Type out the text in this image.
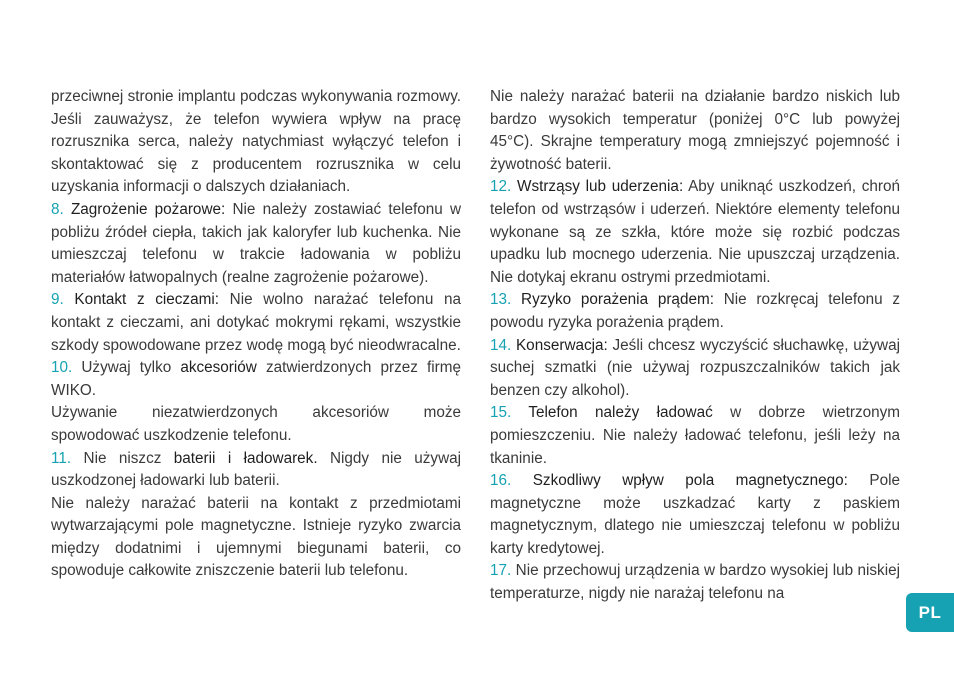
przeciwnej stronie implantu podczas wykonywania rozmowy. Jeśli zauważysz, że telefon wywiera wpływ na pracę rozrusznika serca, należy natychmiast wyłączyć telefon i skontaktować się z producentem rozrusznika w celu uzyskania informacji o dalszych działaniach.

8. Zagrożenie pożarowe: Nie należy zostawiać telefonu w pobliżu źródeł ciepła, takich jak kaloryfer lub kuchenka. Nie umieszczaj telefonu w trakcie ładowania w pobliżu materiałów łatwopalnych (realne zagrożenie pożarowe).

9. Kontakt z cieczami: Nie wolno narażać telefonu na kontakt z cieczami, ani dotykać mokrymi rękami, wszystkie szkody spowodowane przez wodę mogą być nieodwracalne.

10. Używaj tylko akcesoriów zatwierdzonych przez firmę WIKO.

Używanie niezatwierdzonych akcesoriów może spowodować uszkodzenie telefonu.

11. Nie niszcz baterii i ładowarek. Nigdy nie używaj uszkodzonej ładowarki lub baterii.

Nie należy narażać baterii na kontakt z przedmiotami wytwarzającymi pole magnetyczne. Istnieje ryzyko zwarcia między dodatnimi i ujemnymi biegunami baterii, co spowoduje całkowite zniszczenie baterii lub telefonu.

Nie należy narażać baterii na działanie bardzo niskich lub bardzo wysokich temperatur (poniżej 0°C lub powyżej 45°C). Skrajne temperatury mogą zmniejszyć pojemność i żywotność baterii.

12. Wstrząsy lub uderzenia: Aby uniknąć uszkodzeń, chroń telefon od wstrząsów i uderzeń. Niektóre elementy telefonu wykonane są ze szkła, które może się rozbić podczas upadku lub mocnego uderzenia. Nie upuszczaj urządzenia. Nie dotykaj ekranu ostrymi przedmiotami.

13. Ryzyko porażenia prądem: Nie rozkręcaj telefonu z powodu ryzyka porażenia prądem.

14. Konserwacja: Jeśli chcesz wyczyścić słuchawkę, używaj suchej szmatki (nie używaj rozpuszczalników takich jak benzen czy alkohol).

15. Telefon należy ładować w dobrze wietrzonym pomieszczeniu. Nie należy ładować telefonu, jeśli leży na tkaninie.

16. Szkodliwy wpływ pola magnetycznego: Pole magnetyczne może uszkadzać karty z paskiem magnetycznym, dlatego nie umieszczaj telefonu w pobliżu karty kredytowej.

17. Nie przechowuj urządzenia w bardzo wysokiej lub niskiej temperaturze, nigdy nie narażaj telefonu na

PL
